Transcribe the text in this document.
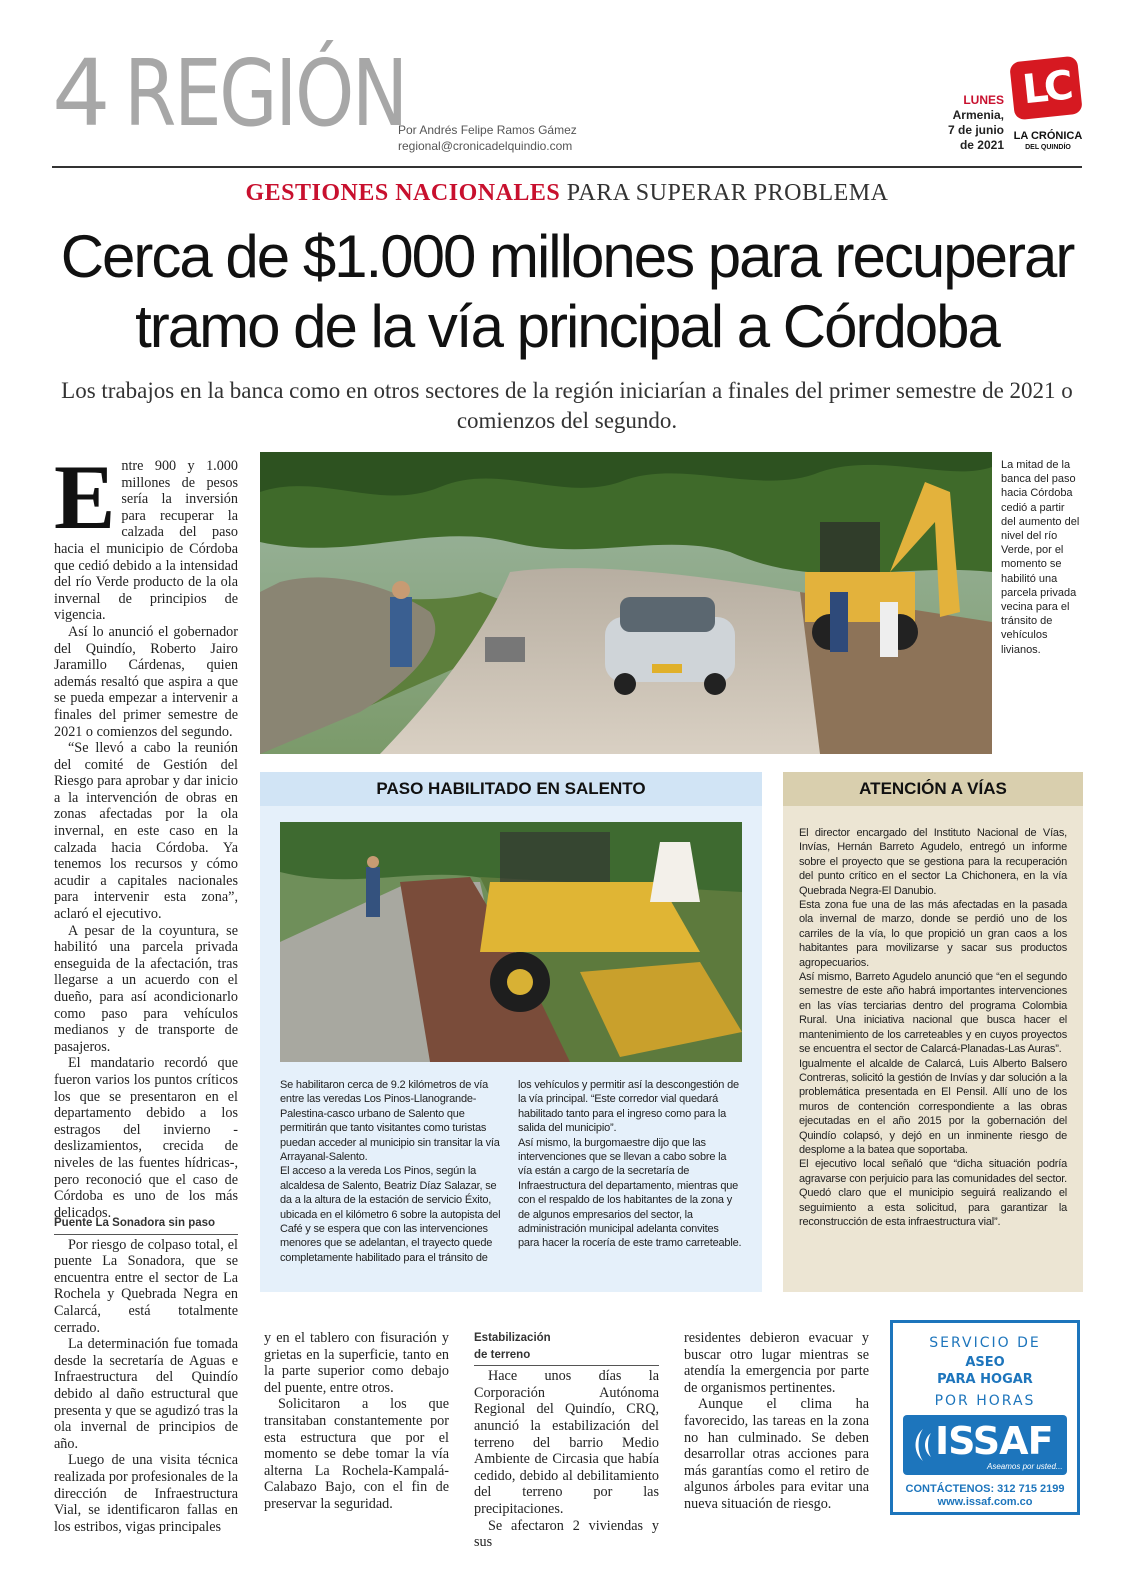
4 REGIÓN
Por Andrés Felipe Ramos Gámez
regional@cronicadelquindio.com
LUNES
Armenia,
7 de junio
de 2021
LC
LA CRÓNICA
DEL QUINDÍO
GESTIONES NACIONALES PARA SUPERAR PROBLEMA
Cerca de $1.000 millones para recuperar tramo de la vía principal a Córdoba
Los trabajos en la banca como en otros sectores de la región iniciarían a finales del primer semestre de 2021 o comienzos del segundo.

Entre 900 y 1.000 millones de pesos sería la inversión para recuperar la calzada del paso hacia el municipio de Córdoba que cedió debido a la intensidad del río Verde producto de la ola invernal de principios de vigencia.

Así lo anunció el gobernador del Quindío, Roberto Jairo Jaramillo Cárdenas, quien además resaltó que aspira a que se pueda empezar a intervenir a finales del primer semestre de 2021 o comienzos del segundo.

“Se llevó a cabo la reunión del comité de Gestión del Riesgo para aprobar y dar inicio a la intervención de obras en zonas afectadas por la ola invernal, en este caso en la calzada hacia Córdoba. Ya tenemos los recursos y cómo acudir a capitales nacionales para intervenir esta zona”, aclaró el ejecutivo.

A pesar de la coyuntura, se habilitó una parcela privada enseguida de la afectación, tras llegarse a un acuerdo con el dueño, para así acondicionarlo como paso para vehículos medianos y de transporte de pasajeros.

El mandatario recordó que fueron varios los puntos críticos los que se presentaron en el departamento debido a los estragos del invierno -deslizamientos, crecida de niveles de las fuentes hídricas-, pero reconoció que el caso de Córdoba es uno de los más delicados.

Puente La Sonadora sin paso

Por riesgo de colpaso total, el puente La Sonadora, que se encuentra entre el sector de La Rochela y Quebrada Negra en Calarcá, está totalmente cerrado.

La determinación fue tomada desde la secretaría de Aguas e Infraestructura del Quindío debido al daño estructural que presenta y que se agudizó tras la ola invernal de principios de año.

Luego de una visita técnica realizada por profesionales de la dirección de Infraestructura Vial, se identificaron fallas en los estribos, vigas principales

La mitad de la banca del paso hacia Córdoba cedió a partir del aumento del nivel del río Verde, por el momento se habilitó una parcela privada vecina para el tránsito de vehículos livianos.
PASO HABILITADO EN SALENTO

Se habilitaron cerca de 9.2 kilómetros de vía entre las veredas Los Pinos-Llanogrande-Palestina-casco urbano de Salento que permitirán que tanto visitantes como turistas puedan acceder al municipio sin transitar la vía Arrayanal-Salento.

El acceso a la vereda Los Pinos, según la alcaldesa de Salento, Beatriz Díaz Salazar, se da a la altura de la estación de servicio Éxito, ubicada en el kilómetro 6 sobre la autopista del Café y se espera que con las intervenciones menores que se adelantan, el trayecto quede completamente habilitado para el tránsito de

los vehículos y permitir así la descongestión de la vía principal. “Este corredor vial quedará habilitado tanto para el ingreso como para la salida del municipio”.

Así mismo, la burgomaestre dijo que las intervenciones que se llevan a cabo sobre la vía están a cargo de la secretaría de Infraestructura del departamento, mientras que con el respaldo de los habitantes de la zona y de algunos empresarios del sector, la administración municipal adelanta convites para hacer la rocería de este tramo carreteable.

ATENCIÓN A VÍAS

El director encargado del Instituto Nacional de Vías, Invías, Hernán Barreto Agudelo, entregó un informe sobre el proyecto que se gestiona para la recuperación del punto crítico en el sector La Chichonera, en la vía Quebrada Negra-El Danubio.

Esta zona fue una de las más afectadas en la pasada ola invernal de marzo, donde se perdió uno de los carriles de la vía, lo que propició un gran caos a los habitantes para movilizarse y sacar sus productos agropecuarios.

Así mismo, Barreto Agudelo anunció que “en el segundo semestre de este año habrá importantes intervenciones en las vías terciarias dentro del programa Colombia Rural. Una iniciativa nacional que busca hacer el mantenimiento de los carreteables y en cuyos proyectos se encuentra el sector de Calarcá-Planadas-Las Auras”.

Igualmente el alcalde de Calarcá, Luis Alberto Balsero Contreras, solicitó la gestión de Invías y dar solución a la problemática presentada en El Pensil. Allí uno de los muros de contención correspondiente a las obras ejecutadas en el año 2015 por la gobernación del Quindío colapsó, y dejó en un inminente riesgo de desplome a la batea que soportaba.

El ejecutivo local señaló que “dicha situación podría agravarse con perjuicio para las comunidades del sector. Quedó claro que el municipio seguirá realizando el seguimiento a esta solicitud, para garantizar la reconstrucción de esta infraestructura vial”.

y en el tablero con fisuración y grietas en la superficie, tanto en la parte superior como debajo del puente, entre otros.

Solicitaron a los que transitaban constantemente por esta estructura que por el momento se debe tomar la vía alterna La Rochela-Kampalá-Calabazo Bajo, con el fin de preservar la seguridad.

Estabilización
de terreno

Hace unos días la Corporación Autónoma Regional del Quindío, CRQ, anunció la estabilización del terreno del barrio Medio Ambiente de Circasia que había cedido, debido al debilitamiento del terreno por las precipitaciones.

Se afectaron 2 viviendas y sus

residentes debieron evacuar y buscar otro lugar mientras se atendía la emergencia por parte de organismos pertinentes.

Aunque el clima ha favorecido, las tareas en la zona no han culminado. Se deben desarrollar otras acciones para más garantías como el retiro de algunos árboles para evitar una nueva situación de riesgo.

SERVICIO DE
ASEO
PARA HOGAR
POR HORAS
ISSAF
Aseamos por usted...
CONTÁCTENOS: 312 715 2199
www.issaf.com.co
